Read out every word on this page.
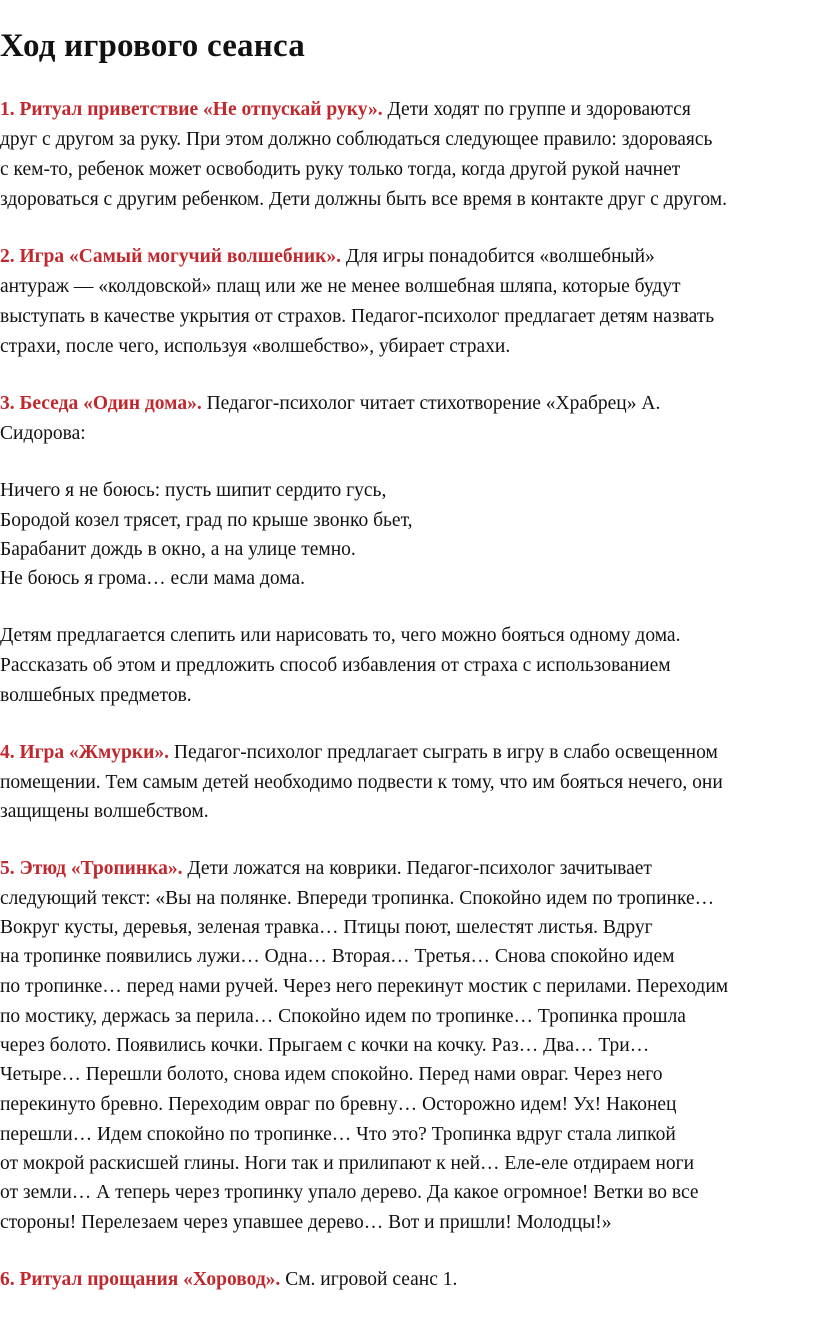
Ход игрового сеанса
1. Ритуал приветствие «Не отпускай руку». Дети ходят по группе и здороваются
друг с другом за руку. При этом должно соблюдаться следующее правило: здороваясь
с кем-то, ребенок может освободить руку только тогда, когда другой рукой начнет
здороваться с другим ребенком. Дети должны быть все время в контакте друг с другом.
2. Игра «Самый могучий волшебник». Для игры понадобится «волшебный»
антураж — «колдовской» плащ или же не менее волшебная шляпа, которые будут
выступать в качестве укрытия от страхов. Педагог-психолог предлагает детям назвать
страхи, после чего, используя «волшебство», убирает страхи.
3. Беседа «Один дома». Педагог-психолог читает стихотворение «Храбрец» А.
Сидорова:
Ничего я не боюсь: пусть шипит сердито гусь,
Бородой козел трясет, град по крыше звонко бьет,
Барабанит дождь в окно, а на улице темно.
Не боюсь я грома… если мама дома.
Детям предлагается слепить или нарисовать то, чего можно бояться одному дома.
Рассказать об этом и предложить способ избавления от страха с использованием
волшебных предметов.
4. Игра «Жмурки». Педагог-психолог предлагает сыграть в игру в слабо освещенном
помещении. Тем самым детей необходимо подвести к тому, что им бояться нечего, они
защищены волшебством.
5. Этюд «Тропинка». Дети ложатся на коврики. Педагог-психолог зачитывает
следующий текст: «Вы на полянке. Впереди тропинка. Спокойно идем по тропинке…
Вокруг кусты, деревья, зеленая травка… Птицы поют, шелестят листья. Вдруг
на тропинке появились лужи… Одна… Вторая… Третья… Снова спокойно идем
по тропинке… перед нами ручей. Через него перекинут мостик с перилами. Переходим
по мостику, держась за перила… Спокойно идем по тропинке… Тропинка прошла
через болото. Появились кочки. Прыгаем с кочки на кочку. Раз… Два… Три…
Четыре… Перешли болото, снова идем спокойно. Перед нами овраг. Через него
перекинуто бревно. Переходим овраг по бревну… Осторожно идем! Ух! Наконец
перешли… Идем спокойно по тропинке… Что это? Тропинка вдруг стала липкой
от мокрой раскисшей глины. Ноги так и прилипают к ней… Еле-еле отдираем ноги
от земли… А теперь через тропинку упало дерево. Да какое огромное! Ветки во все
стороны! Перелезаем через упавшее дерево… Вот и пришли! Молодцы!»
6. Ритуал прощания «Хоровод». См. игровой сеанс 1.
